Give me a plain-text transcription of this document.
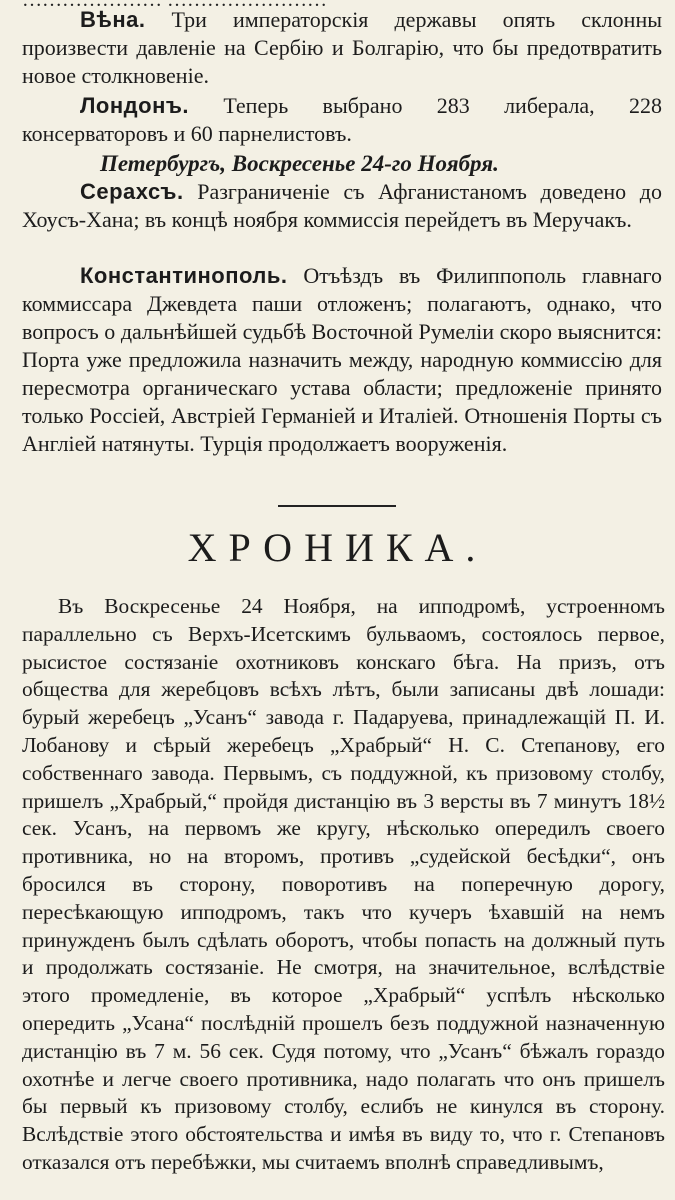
………………… ……………………

Вѣна. Три императорскія державы опять склонны произвести давленіе на Сербію и Болгарію, что бы предотвратить новое столкновеніе.

Лондонъ. Теперь выбрано 283 либерала, 228 консерваторовъ и 60 парнелистовъ.

Петербургъ, Воскресенье 24-го Ноября.

Серахсъ. Разграниченіе съ Афганистаномъ доведено до Хоусъ-Хана; въ концѣ ноября коммиссія перейдетъ въ Меручакъ.

Константинополь. Отъѣздъ въ Филиппополь главнаго коммиссара Джевдета паши отложенъ; полагаютъ, однако, что вопросъ о дальнѣйшей судьбѣ Восточной Румеліи скоро выяснится: Порта уже предложила назначить между, народную коммиссію для пересмотра органическаго устава области; предложеніе принято только Россіей, Австріей Германіей и Италіей. Отношенія Порты съ Англіей натянуты. Турція продолжаетъ вооруженія.

ХРОНИКА.

Въ Воскресенье 24 Ноября, на ипподромѣ, устроенномъ параллельно съ Верхъ-Исетскимъ бульвaомъ, состоялось первое, рысистое состязаніе охотниковъ конскаго бѣга. На призъ, отъ общества для жеребцовъ всѣхъ лѣтъ, были записаны двѣ лошади: бурый жеребецъ „Усанъ“ завода г. Падаруева, принадлежащій П. И. Лобанову и сѣрый жеребецъ „Храбрый“ Н. С. Степанову, его собственнаго завода. Первымъ, съ поддужной, къ призовому столбу, пришелъ „Храбрый,“ пройдя дистанцію въ 3 версты въ 7 минутъ 18½ сек. Усанъ, на первомъ же кругу, нѣсколько опередилъ своего противника, но на второмъ, противъ „судейской бесѣдки“, онъ бросился въ сторону, поворотивъ на поперечную дорогу, пересѣкающую ипподромъ, такъ что кучеръ ѣхавшій на немъ принужденъ былъ сдѣлать оборотъ, чтобы попасть на должный путь и продолжать состязаніе. Не смотря, на значительное, вслѣдствіе этого промедленіе, въ которое „Храбрый“ успѣлъ нѣсколько опередить „Усана“ послѣдній прошелъ безъ поддужной назначенную дистанцію въ 7 м. 56 сек. Судя потому, что „Усанъ“ бѣжалъ гораздо охотнѣе и легче своего противника, надо полагать что онъ пришелъ бы первый къ призовому столбу, еслибъ не кинулся въ сторону. Вслѣдствіе этого обстоятельства и имѣя въ виду то, что г. Степановъ отказался отъ перебѣжки, мы считаемъ вполнѣ справедливымъ,
